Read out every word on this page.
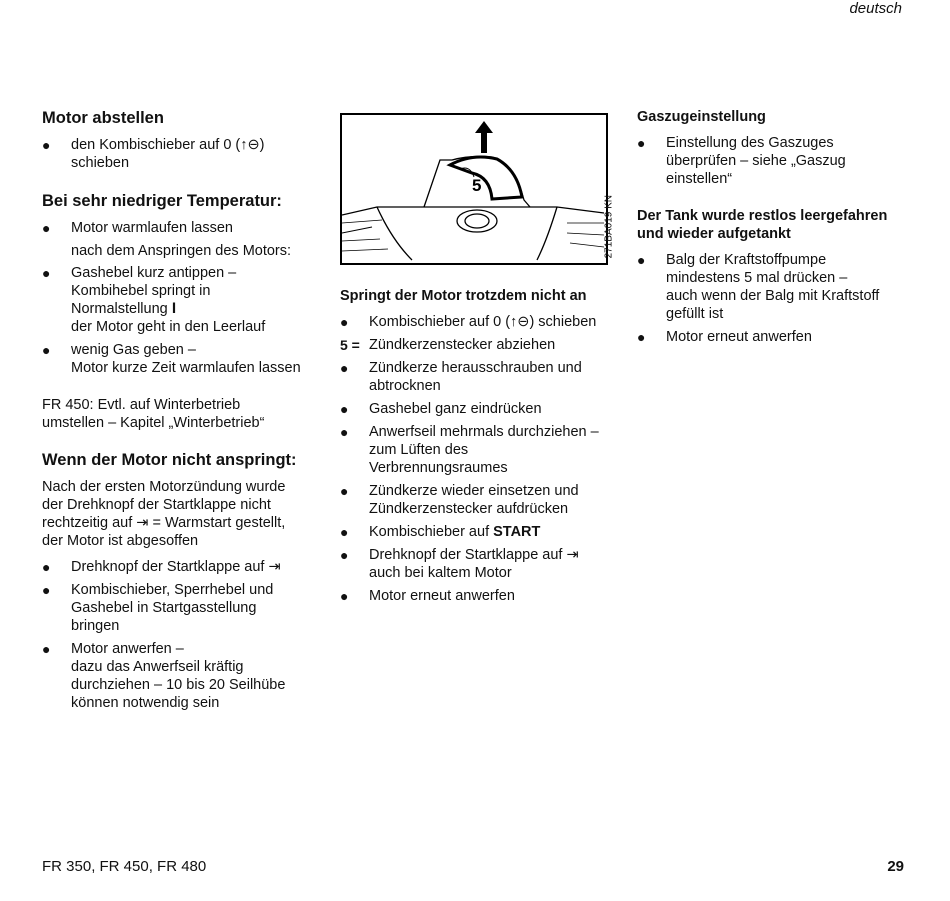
deutsch
Motor abstellen
● den Kombischieber auf 0 (↑⊖)
schieben
Bei sehr niedriger Temperatur:
● Motor warmlaufen lassen
nach dem Anspringen des Motors:
● Gashebel kurz antippen –
Kombihebel springt in
Normalstellung 𝐈
der Motor geht in den Leerlauf
● wenig Gas geben –
Motor kurze Zeit warmlaufen lassen
FR 450: Evtl. auf Winterbetrieb
umstellen – Kapitel „Winterbetrieb“
Wenn der Motor nicht anspringt:
Nach der ersten Motorzündung wurde
der Drehknopf der Startklappe nicht
rechtzeitig auf ⇥ = Warmstart gestellt,
der Motor ist abgesoffen
● Drehknopf der Startklappe auf ⇥
● Kombischieber, Sperrhebel und
Gashebel in Startgasstellung
bringen
● Motor anwerfen –
dazu das Anwerfseil kräftig
durchziehen – 10 bis 20 Seilhübe
können notwendig sein
5
271BA019 KN
Springt der Motor trotzdem nicht an
● Kombischieber auf 0 (↑⊖) schieben
5 = Zündkerzenstecker abziehen
● Zündkerze herausschrauben und
abtrocknen
● Gashebel ganz eindrücken
● Anwerfseil mehrmals durchziehen –
zum Lüften des
Verbrennungsraumes
● Zündkerze wieder einsetzen und
Zündkerzenstecker aufdrücken
● Kombischieber auf START
● Drehknopf der Startklappe auf ⇥
auch bei kaltem Motor
● Motor erneut anwerfen
Gaszugeinstellung
● Einstellung des Gaszuges
überprüfen – siehe „Gaszug
einstellen“
Der Tank wurde restlos leergefahren
und wieder aufgetankt
● Balg der Kraftstoffpumpe
mindestens 5 mal drücken –
auch wenn der Balg mit Kraftstoff
gefüllt ist
● Motor erneut anwerfen
FR 350, FR 450, FR 480	29
